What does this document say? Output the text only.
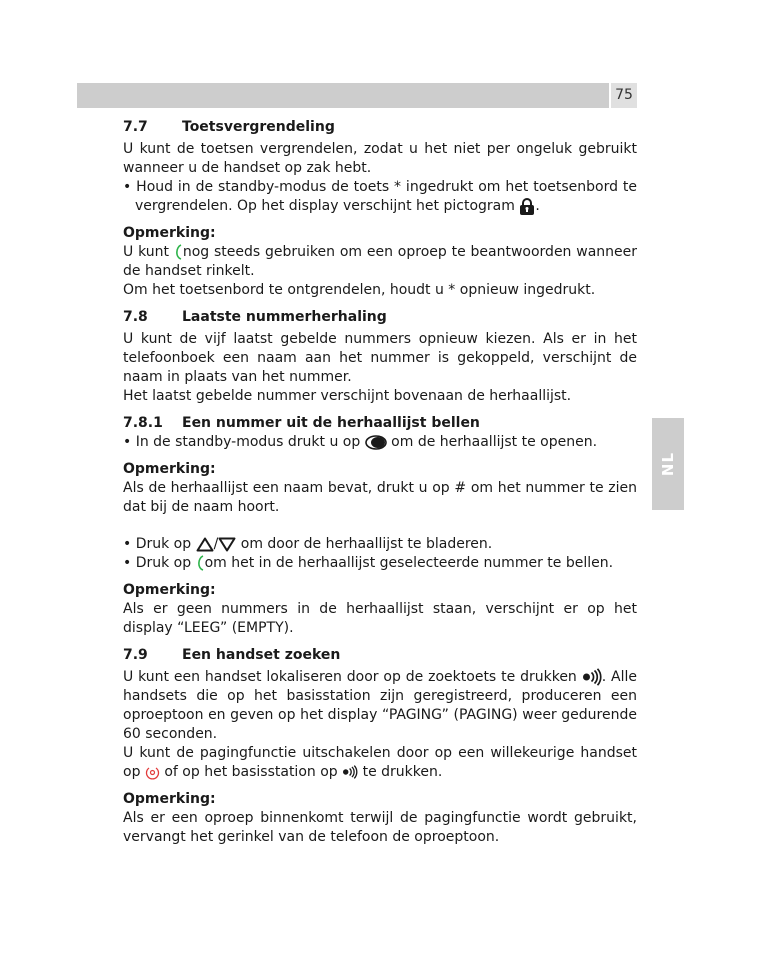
75
NL

7.7	Toetsvergrendeling

U kunt de toetsen vergrendelen, zodat u het niet per ongeluk gebruikt wanneer u de handset op zak hebt.

• Houd in de standby-modus de toets * ingedrukt om het toetsenbord te vergrendelen. Op het display verschijnt het pictogram .

Opmerking:

U kunt nog steeds gebruiken om een oproep te beantwoorden wanneer de handset rinkelt.

Om het toetsenbord te ontgrendelen, houdt u * opnieuw ingedrukt.

7.8	Laatste nummerherhaling

U kunt de vijf laatst gebelde nummers opnieuw kiezen. Als er in het telefoonboek een naam aan het nummer is gekoppeld, verschijnt de naam in plaats van het nummer.

Het laatst gebelde nummer verschijnt bovenaan de herhaallijst.

7.8.1	Een nummer uit de herhaallijst bellen

• In de standby-modus drukt u op om de herhaallijst te openen.

Opmerking:

Als de herhaallijst een naam bevat, drukt u op # om het nummer te zien dat bij de naam hoort.

• Druk op / om door de herhaallijst te bladeren.

• Druk op om het in de herhaallijst geselecteerde nummer te bellen.

Opmerking:

Als er geen nummers in de herhaallijst staan, verschijnt er op het display “LEEG” (EMPTY).

7.9	Een handset zoeken

U kunt een handset lokaliseren door op de zoektoets te drukken . Alle handsets die op het basisstation zijn geregistreerd, produceren een oproeptoon en geven op het display “PAGING” (PAGING) weer gedurende 60 seconden.

U kunt de pagingfunctie uitschakelen door op een willekeurige handset op of op het basisstation op te drukken.

Opmerking:

Als er een oproep binnenkomt terwijl de pagingfunctie wordt gebruikt, vervangt het gerinkel van de telefoon de oproeptoon.
